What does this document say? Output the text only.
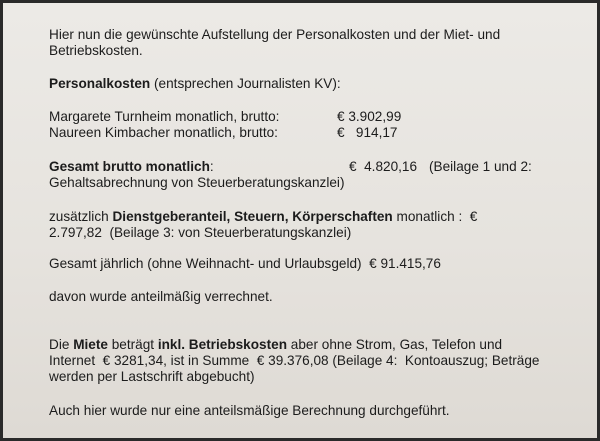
Hier nun die gewünschte Aufstellung der Personalkosten und der Miet- und
Betriebskosten.
Personalkosten (entsprechen Journalisten KV):
Margarete Turnheim monatlich, brutto:	€ 3.902,99
Naureen Kimbacher monatlich, brutto:	€   914,17
Gesamt brutto monatlich:	€  4.820,16 (Beilage 1 und 2:
Gehaltsabrechnung von Steuerberatungskanzlei)
zusätzlich Dienstgeberanteil, Steuern, Körperschaften monatlich :  €
2.797,82  (Beilage 3: von Steuerberatungskanzlei)
Gesamt jährlich (ohne Weihnacht- und Urlaubsgeld)  € 91.415,76
davon wurde anteilmäßig verrechnet.
Die Miete beträgt inkl. Betriebskosten aber ohne Strom, Gas, Telefon und
Internet  € 3281,34, ist in Summe  € 39.376,08 (Beilage 4:  Kontoauszug; Beträge
werden per Lastschrift abgebucht)
Auch hier wurde nur eine anteilsmäßige Berechnung durchgeführt.
